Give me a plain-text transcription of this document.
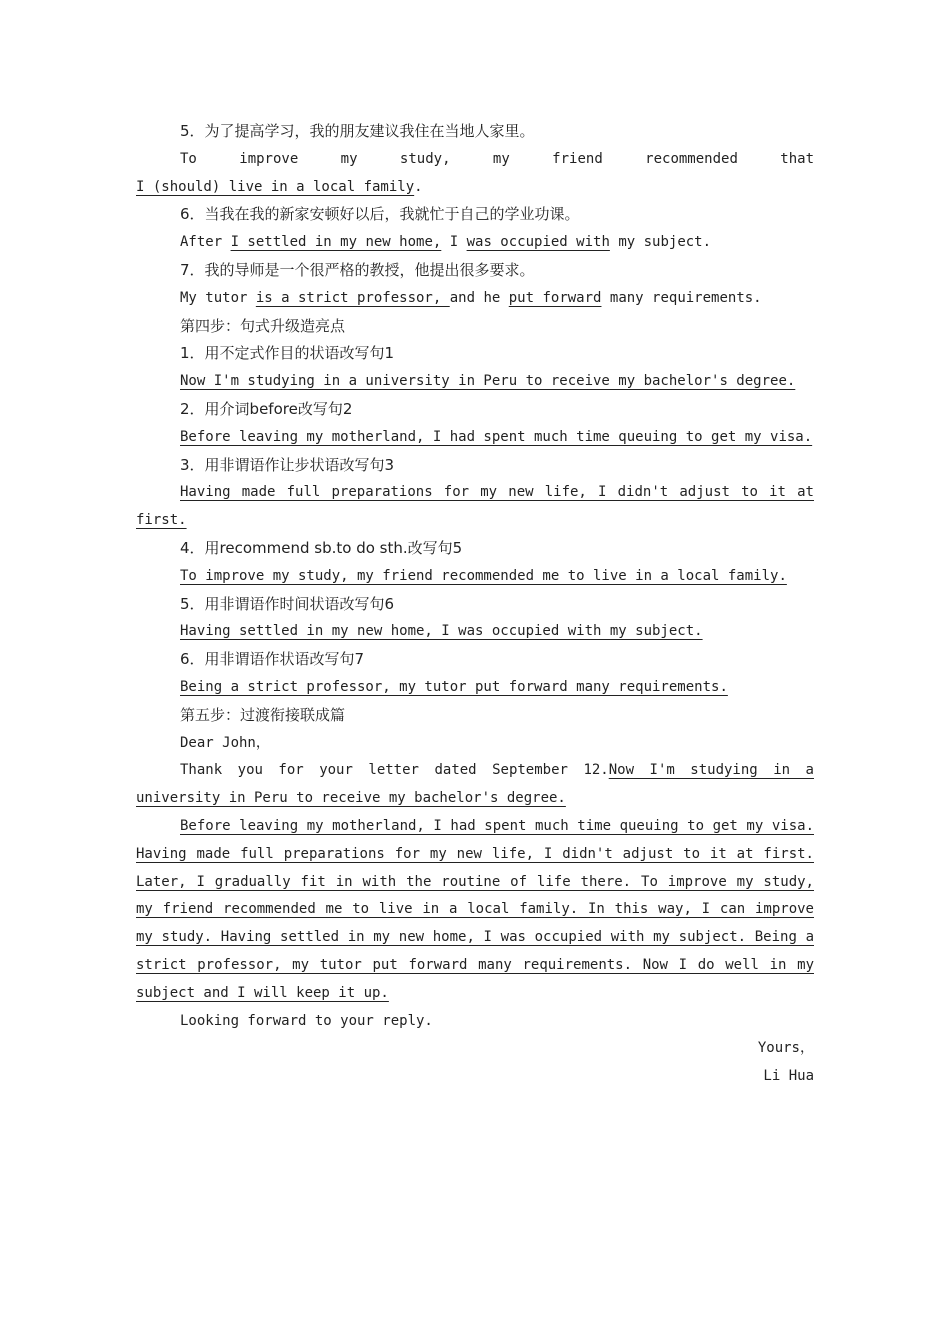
5．为了提高学习，我的朋友建议我住在当地人家里。

To improve my study, my friend recommended that

I (should) live in a local family.

6．当我在我的新家安顿好以后，我就忙于自己的学业功课。

After I settled in my new home, I was occupied with my subject.

7．我的导师是一个很严格的教授，他提出很多要求。

My tutor is a strict professor, and he put forward many requirements.

第四步：句式升级造亮点

1．用不定式作目的状语改写句1

Now I'm studying in a university in Peru to receive my bachelor's degree.

2．用介词before改写句2

Before leaving my motherland, I had spent much time queuing to get my visa.

3．用非谓语作让步状语改写句3

Having made full preparations for my new life, I didn't adjust to it at first.

4．用recommend sb.to do sth.改写句5

To improve my study, my friend recommended me to live in a local family.

5．用非谓语作时间状语改写句6

Having settled in my new home, I was occupied with my subject.

6．用非谓语作状语改写句7

Being a strict professor, my tutor put forward many requirements.

第五步：过渡衔接联成篇

Dear John，

Thank you for your letter dated September 12.Now I'm studying in a university in Peru to receive my bachelor's degree.

Before leaving my motherland, I had spent much time queuing to get my visa. Having made full preparations for my new life, I didn't adjust to it at first. Later, I gradually fit in with the routine of life there. To improve my study, my friend recommended me to live in a local family. In this way, I can improve my study. Having settled in my new home, I was occupied with my subject. Being a strict professor, my tutor put forward many requirements. Now I do well in my subject and I will keep it up.

Looking forward to your reply.

Yours，

Li Hua
